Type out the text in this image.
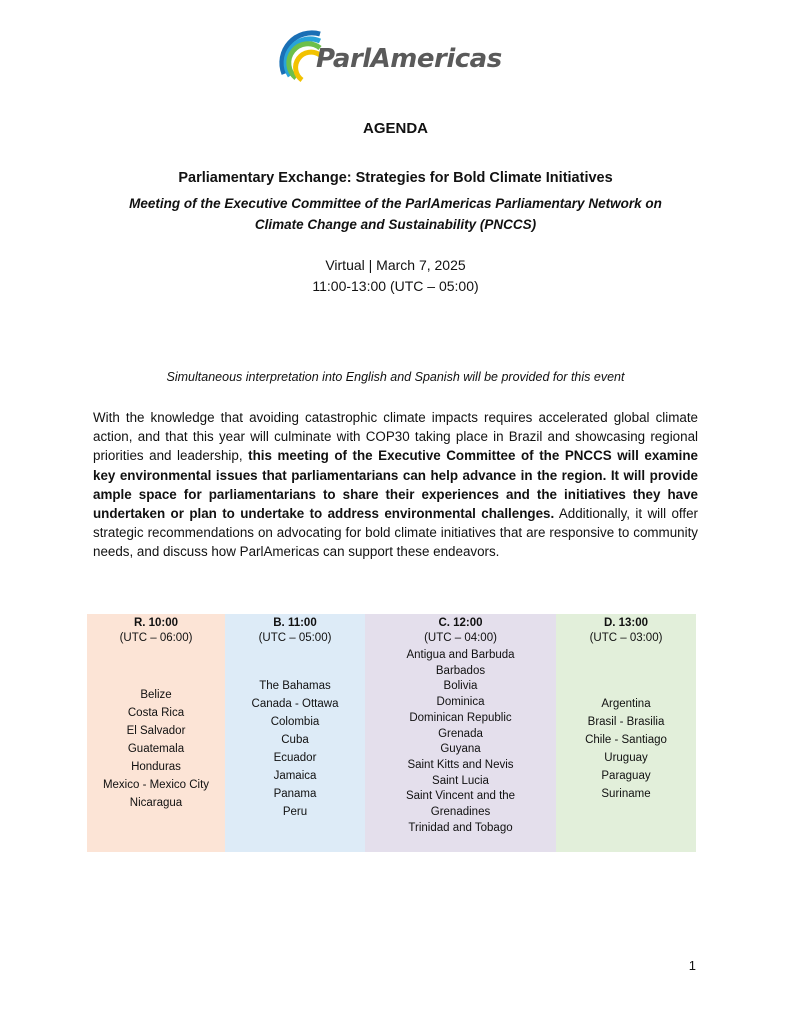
ParlAmericas
AGENDA
Parliamentary Exchange: Strategies for Bold Climate Initiatives
Meeting of the Executive Committee of the ParlAmericas Parliamentary Network on
Climate Change and Sustainability (PNCCS)
Virtual | March 7, 2025
11:00-13:00 (UTC – 05:00)
Simultaneous interpretation into English and Spanish will be provided for this event

With the knowledge that avoiding catastrophic climate impacts requires accelerated global climate action, and that this year will culminate with COP30 taking place in Brazil and showcasing regional priorities and leadership, this meeting of the Executive Committee of the PNCCS will examine key environmental issues that parliamentarians can help advance in the region. It will provide ample space for parliamentarians to share their experiences and the initiatives they have undertaken or plan to undertake to address environmental challenges. Additionally, it will offer strategic recommendations on advocating for bold climate initiatives that are responsive to community needs, and discuss how ParlAmericas can support these endeavors.

R. 10:00
(UTC – 06:00)
Belize
Costa Rica
El Salvador
Guatemala
Honduras
Mexico - Mexico City
Nicaragua
B. 11:00
(UTC – 05:00)
The Bahamas
Canada - Ottawa
Colombia
Cuba
Ecuador
Jamaica
Panama
Peru
C. 12:00
(UTC – 04:00)
Antigua and Barbuda
Barbados
Bolivia
Dominica
Dominican Republic
Grenada
Guyana
Saint Kitts and Nevis
Saint Lucia
Saint Vincent and the
Grenadines
Trinidad and Tobago
D. 13:00
(UTC – 03:00)
Argentina
Brasil - Brasilia
Chile - Santiago
Uruguay
Paraguay
Suriname
1
